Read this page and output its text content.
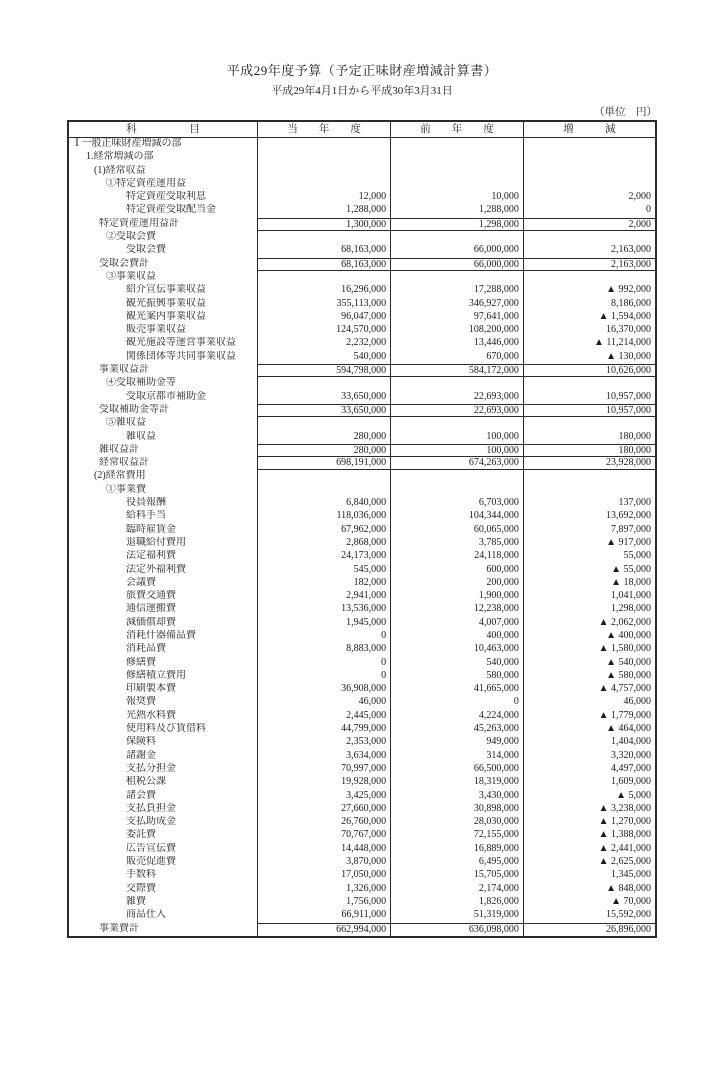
平成29年度予算（予定正味財産増減計算書）
平成29年4月1日から平成30年3月31日
（単位　円）
科　　　　　目	当　　年　　度	前　　年　　度	増　　　減
Ⅰ 一般正味財産増減の部
1.経常増減の部
(1)経常収益
①特定資産運用益
特定資産受取利息	12,000	10,000	2,000
特定資産受取配当金	1,288,000	1,288,000	0
特定資産運用益計	1,300,000	1,298,000	2,000
②受取会費
受取会費	68,163,000	66,000,000	2,163,000
受取会費計	68,163,000	66,000,000	2,163,000
③事業収益
紹介宣伝事業収益	16,296,000	17,288,000	▲ 992,000
観光振興事業収益	355,113,000	346,927,000	8,186,000
観光案内事業収益	96,047,000	97,641,000	▲ 1,594,000
販売事業収益	124,570,000	108,200,000	16,370,000
観光施設等運営事業収益	2,232,000	13,446,000	▲ 11,214,000
関係団体等共同事業収益	540,000	670,000	▲ 130,000
事業収益計	594,798,000	584,172,000	10,626,000
④受取補助金等
受取京都市補助金	33,650,000	22,693,000	10,957,000
受取補助金等計	33,650,000	22,693,000	10,957,000
⑤雑収益
雑収益	280,000	100,000	180,000
雑収益計	280,000	100,000	180,000
経常収益計	698,191,000	674,263,000	23,928,000
(2)経常費用
①事業費
役員報酬	6,840,000	6,703,000	137,000
給料手当	118,036,000	104,344,000	13,692,000
臨時雇賃金	67,962,000	60,065,000	7,897,000
退職給付費用	2,868,000	3,785,000	▲ 917,000
法定福利費	24,173,000	24,118,000	55,000
法定外福利費	545,000	600,000	▲ 55,000
会議費	182,000	200,000	▲ 18,000
旅費交通費	2,941,000	1,900,000	1,041,000
通信運搬費	13,536,000	12,238,000	1,298,000
減価償却費	1,945,000	4,007,000	▲ 2,062,000
消耗什器備品費	0	400,000	▲ 400,000
消耗品費	8,883,000	10,463,000	▲ 1,580,000
修繕費	0	540,000	▲ 540,000
修繕積立費用	0	580,000	▲ 580,000
印刷製本費	36,908,000	41,665,000	▲ 4,757,000
報奨費	46,000	0	46,000
光熱水料費	2,445,000	4,224,000	▲ 1,779,000
使用料及び賃借料	44,799,000	45,263,000	▲ 464,000
保険料	2,353,000	949,000	1,404,000
諸謝金	3,634,000	314,000	3,320,000
支払分担金	70,997,000	66,500,000	4,497,000
租税公課	19,928,000	18,319,000	1,609,000
諸会費	3,425,000	3,430,000	▲ 5,000
支払負担金	27,660,000	30,898,000	▲ 3,238,000
支払助成金	26,760,000	28,030,000	▲ 1,270,000
委託費	70,767,000	72,155,000	▲ 1,388,000
広告宣伝費	14,448,000	16,889,000	▲ 2,441,000
販売促進費	3,870,000	6,495,000	▲ 2,625,000
手数料	17,050,000	15,705,000	1,345,000
交際費	1,326,000	2,174,000	▲ 848,000
雑費	1,756,000	1,826,000	▲ 70,000
商品仕入	66,911,000	51,319,000	15,592,000
事業費計	662,994,000	636,098,000	26,896,000
